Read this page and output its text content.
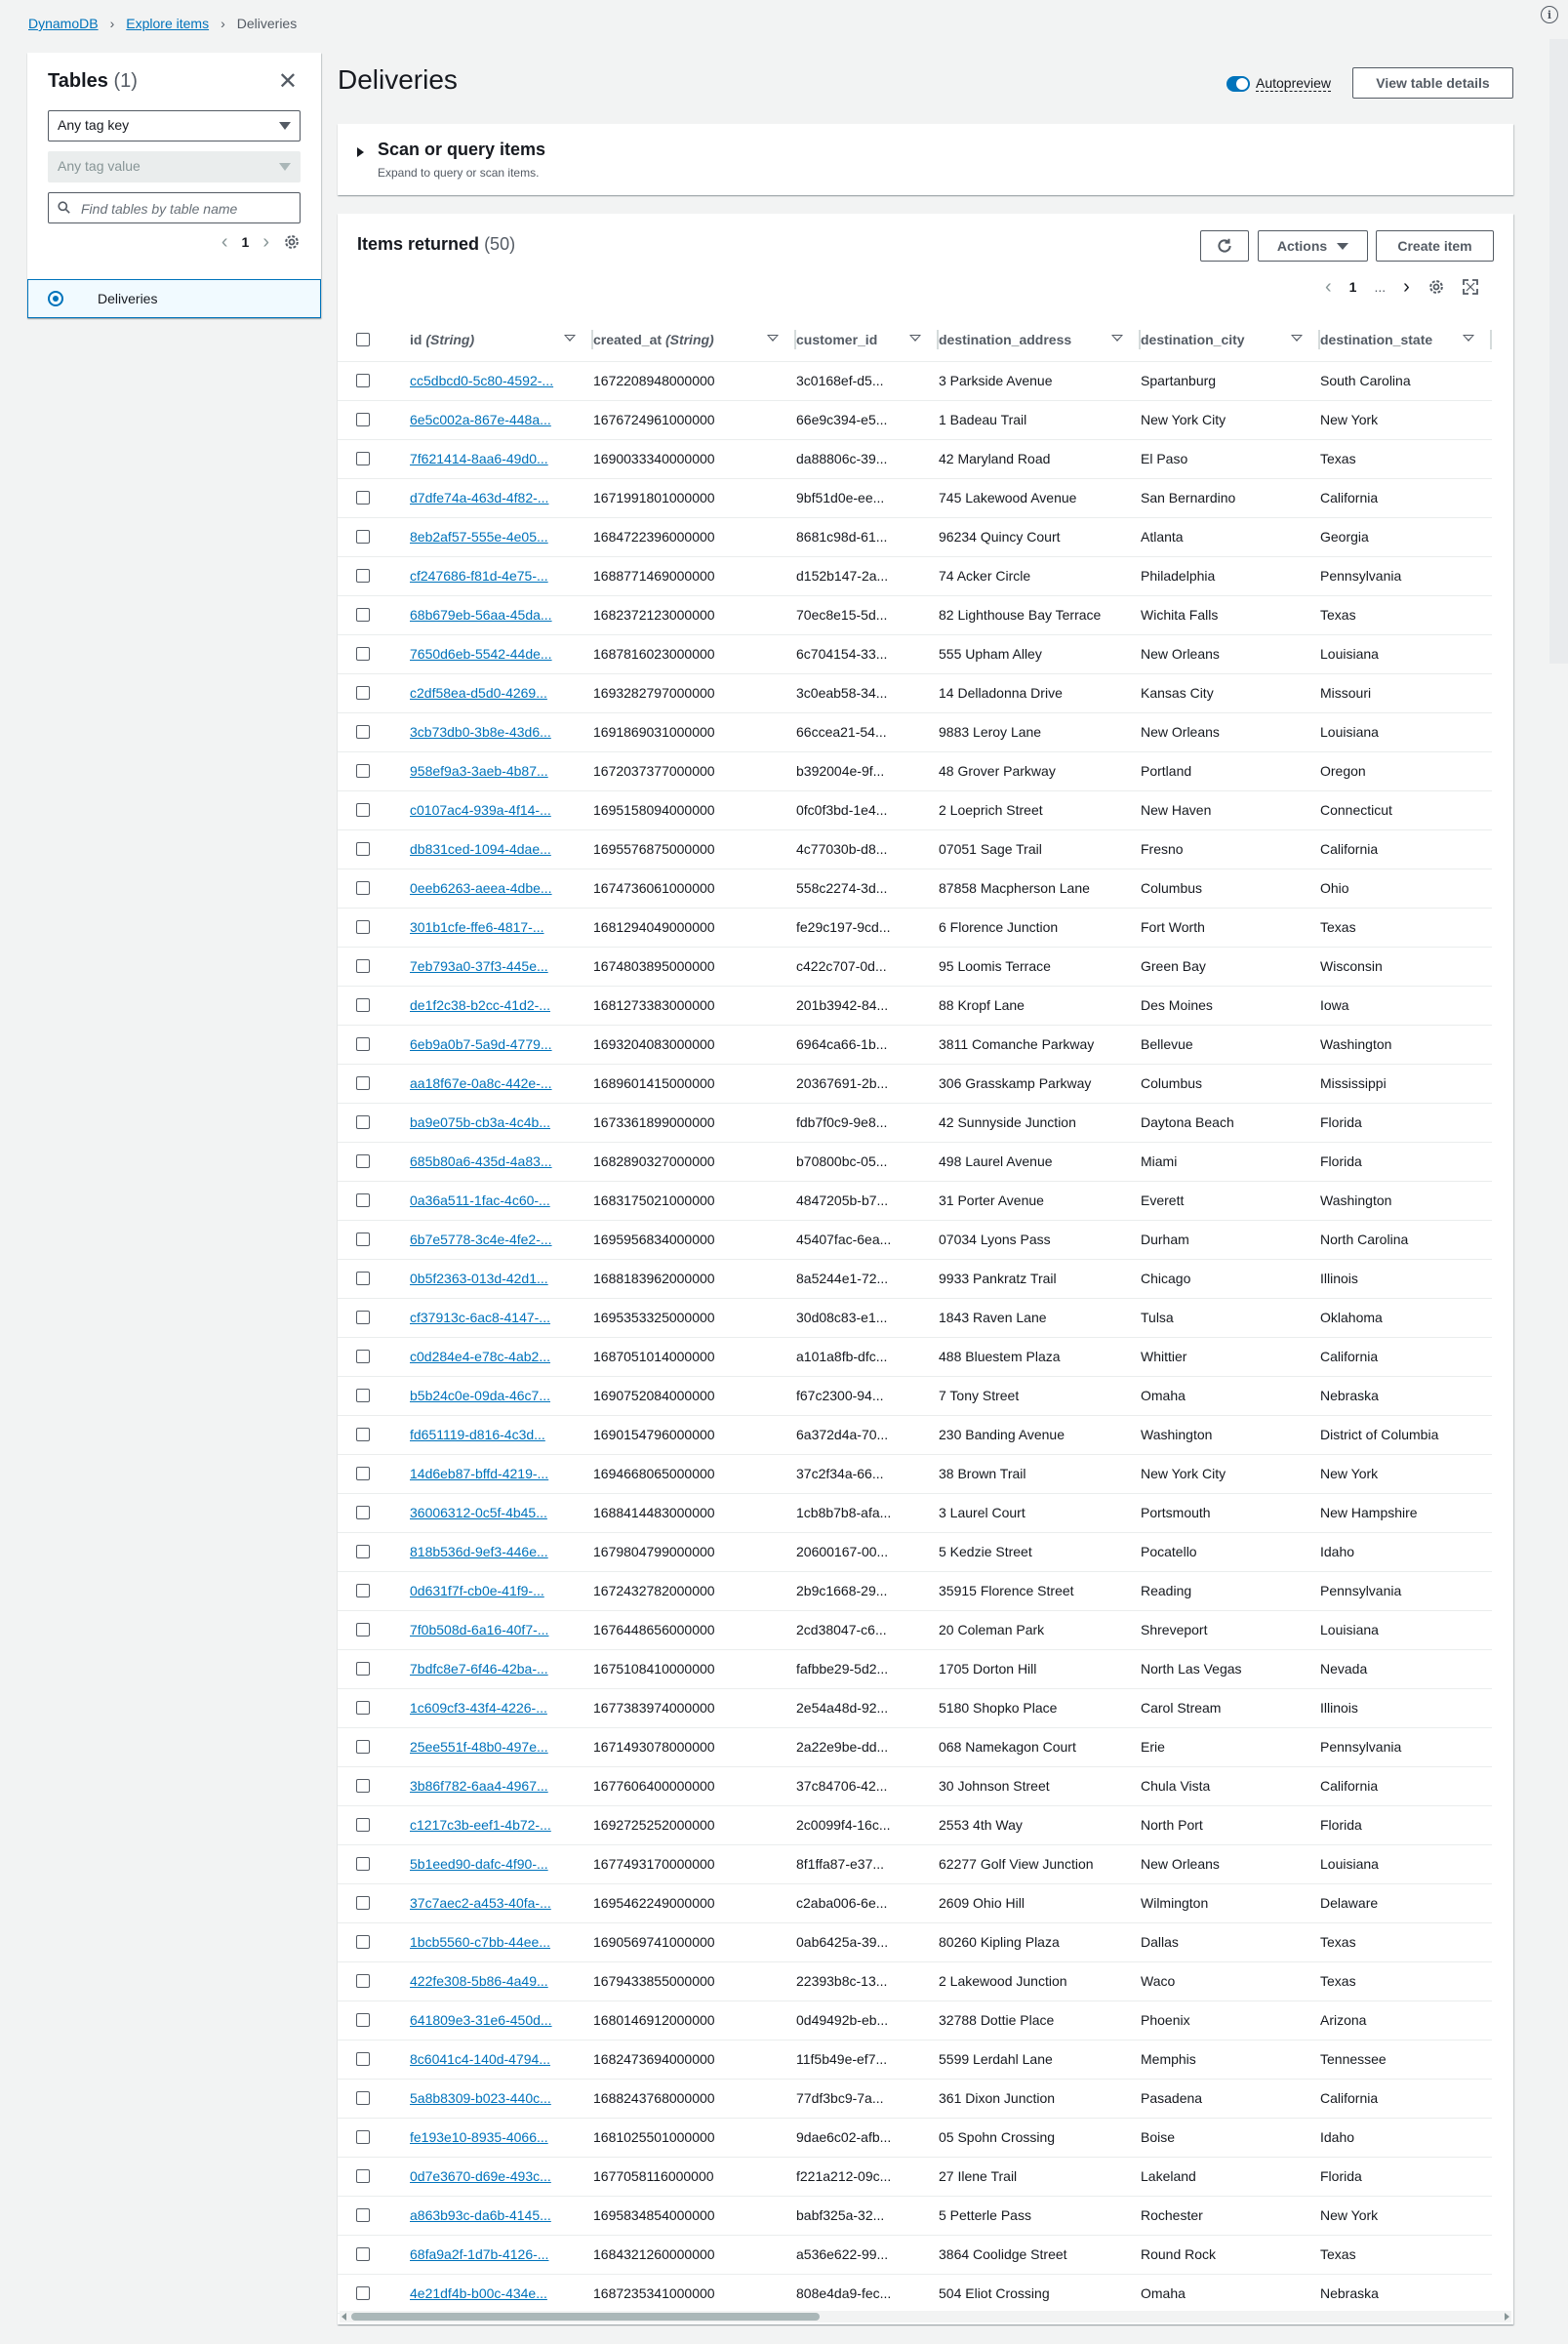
DynamoDB › Explore items › Deliveries
i
Tables (1)	✕
Any tag key
Any tag value
Find tables by table name
‹ 1 ›
Deliveries
Deliveries	Autopreview	View table details
Scan or query items
Expand to query or scan items.
Items returned (50)	Actions	Create item
‹ 1 ... ›

	id (String)	created_at (String)	customer_id	destination_address	destination_city	destination_state

	cc5dbcd0-5c80-4592-...	1672208948000000	3c0168ef-d5...	3 Parkside Avenue	Spartanburg	South Carolina

	6e5c002a-867e-448a...	1676724961000000	66e9c394-e5...	1 Badeau Trail	New York City	New York

	7f621414-8aa6-49d0...	1690033340000000	da88806c-39...	42 Maryland Road	El Paso	Texas

	d7dfe74a-463d-4f82-...	1671991801000000	9bf51d0e-ee...	745 Lakewood Avenue	San Bernardino	California

	8eb2af57-555e-4e05...	1684722396000000	8681c98d-61...	96234 Quincy Court	Atlanta	Georgia

	cf247686-f81d-4e75-...	1688771469000000	d152b147-2a...	74 Acker Circle	Philadelphia	Pennsylvania

	68b679eb-56aa-45da...	1682372123000000	70ec8e15-5d...	82 Lighthouse Bay Terrace	Wichita Falls	Texas

	7650d6eb-5542-44de...	1687816023000000	6c704154-33...	555 Upham Alley	New Orleans	Louisiana

	c2df58ea-d5d0-4269...	1693282797000000	3c0eab58-34...	14 Delladonna Drive	Kansas City	Missouri

	3cb73db0-3b8e-43d6...	1691869031000000	66ccea21-54...	9883 Leroy Lane	New Orleans	Louisiana

	958ef9a3-3aeb-4b87...	1672037377000000	b392004e-9f...	48 Grover Parkway	Portland	Oregon

	c0107ac4-939a-4f14-...	1695158094000000	0fc0f3bd-1e4...	2 Loeprich Street	New Haven	Connecticut

	db831ced-1094-4dae...	1695576875000000	4c77030b-d8...	07051 Sage Trail	Fresno	California

	0eeb6263-aeea-4dbe...	1674736061000000	558c2274-3d...	87858 Macpherson Lane	Columbus	Ohio

	301b1cfe-ffe6-4817-...	1681294049000000	fe29c197-9cd...	6 Florence Junction	Fort Worth	Texas

	7eb793a0-37f3-445e...	1674803895000000	c422c707-0d...	95 Loomis Terrace	Green Bay	Wisconsin

	de1f2c38-b2cc-41d2-...	1681273383000000	201b3942-84...	88 Kropf Lane	Des Moines	Iowa

	6eb9a0b7-5a9d-4779...	1693204083000000	6964ca66-1b...	3811 Comanche Parkway	Bellevue	Washington

	aa18f67e-0a8c-442e-...	1689601415000000	20367691-2b...	306 Grasskamp Parkway	Columbus	Mississippi

	ba9e075b-cb3a-4c4b...	1673361899000000	fdb7f0c9-9e8...	42 Sunnyside Junction	Daytona Beach	Florida

	685b80a6-435d-4a83...	1682890327000000	b70800bc-05...	498 Laurel Avenue	Miami	Florida

	0a36a511-1fac-4c60-...	1683175021000000	4847205b-b7...	31 Porter Avenue	Everett	Washington

	6b7e5778-3c4e-4fe2-...	1695956834000000	45407fac-6ea...	07034 Lyons Pass	Durham	North Carolina

	0b5f2363-013d-42d1...	1688183962000000	8a5244e1-72...	9933 Pankratz Trail	Chicago	Illinois

	cf37913c-6ac8-4147-...	1695353325000000	30d08c83-e1...	1843 Raven Lane	Tulsa	Oklahoma

	c0d284e4-e78c-4ab2...	1687051014000000	a101a8fb-dfc...	488 Bluestem Plaza	Whittier	California

	b5b24c0e-09da-46c7...	1690752084000000	f67c2300-94...	7 Tony Street	Omaha	Nebraska

	fd651119-d816-4c3d...	1690154796000000	6a372d4a-70...	230 Banding Avenue	Washington	District of Columbia

	14d6eb87-bffd-4219-...	1694668065000000	37c2f34a-66...	38 Brown Trail	New York City	New York

	36006312-0c5f-4b45...	1688414483000000	1cb8b7b8-afa...	3 Laurel Court	Portsmouth	New Hampshire

	818b536d-9ef3-446e...	1679804799000000	20600167-00...	5 Kedzie Street	Pocatello	Idaho

	0d631f7f-cb0e-41f9-...	1672432782000000	2b9c1668-29...	35915 Florence Street	Reading	Pennsylvania

	7f0b508d-6a16-40f7-...	1676448656000000	2cd38047-c6...	20 Coleman Park	Shreveport	Louisiana

	7bdfc8e7-6f46-42ba-...	1675108410000000	fafbbe29-5d2...	1705 Dorton Hill	North Las Vegas	Nevada

	1c609cf3-43f4-4226-...	1677383974000000	2e54a48d-92...	5180 Shopko Place	Carol Stream	Illinois

	25ee551f-48b0-497e...	1671493078000000	2a22e9be-dd...	068 Namekagon Court	Erie	Pennsylvania

	3b86f782-6aa4-4967...	1677606400000000	37c84706-42...	30 Johnson Street	Chula Vista	California

	c1217c3b-eef1-4b72-...	1692725252000000	2c0099f4-16c...	2553 4th Way	North Port	Florida

	5b1eed90-dafc-4f90-...	1677493170000000	8f1ffa87-e37...	62277 Golf View Junction	New Orleans	Louisiana

	37c7aec2-a453-40fa-...	1695462249000000	c2aba006-6e...	2609 Ohio Hill	Wilmington	Delaware

	1bcb5560-c7bb-44ee...	1690569741000000	0ab6425a-39...	80260 Kipling Plaza	Dallas	Texas

	422fe308-5b86-4a49...	1679433855000000	22393b8c-13...	2 Lakewood Junction	Waco	Texas

	641809e3-31e6-450d...	1680146912000000	0d49492b-eb...	32788 Dottie Place	Phoenix	Arizona

	8c6041c4-140d-4794...	1682473694000000	11f5b49e-ef7...	5599 Lerdahl Lane	Memphis	Tennessee

	5a8b8309-b023-440c...	1688243768000000	77df3bc9-7a...	361 Dixon Junction	Pasadena	California

	fe193e10-8935-4066...	1681025501000000	9dae6c02-afb...	05 Spohn Crossing	Boise	Idaho

	0d7e3670-d69e-493c...	1677058116000000	f221a212-09c...	27 Ilene Trail	Lakeland	Florida

	a863b93c-da6b-4145...	1695834854000000	babf325a-32...	5 Petterle Pass	Rochester	New York

	68fa9a2f-1d7b-4126-...	1684321260000000	a536e622-99...	3864 Coolidge Street	Round Rock	Texas

	4e21df4b-b00c-434e...	1687235341000000	808e4da9-fec...	504 Eliot Crossing	Omaha	Nebraska
